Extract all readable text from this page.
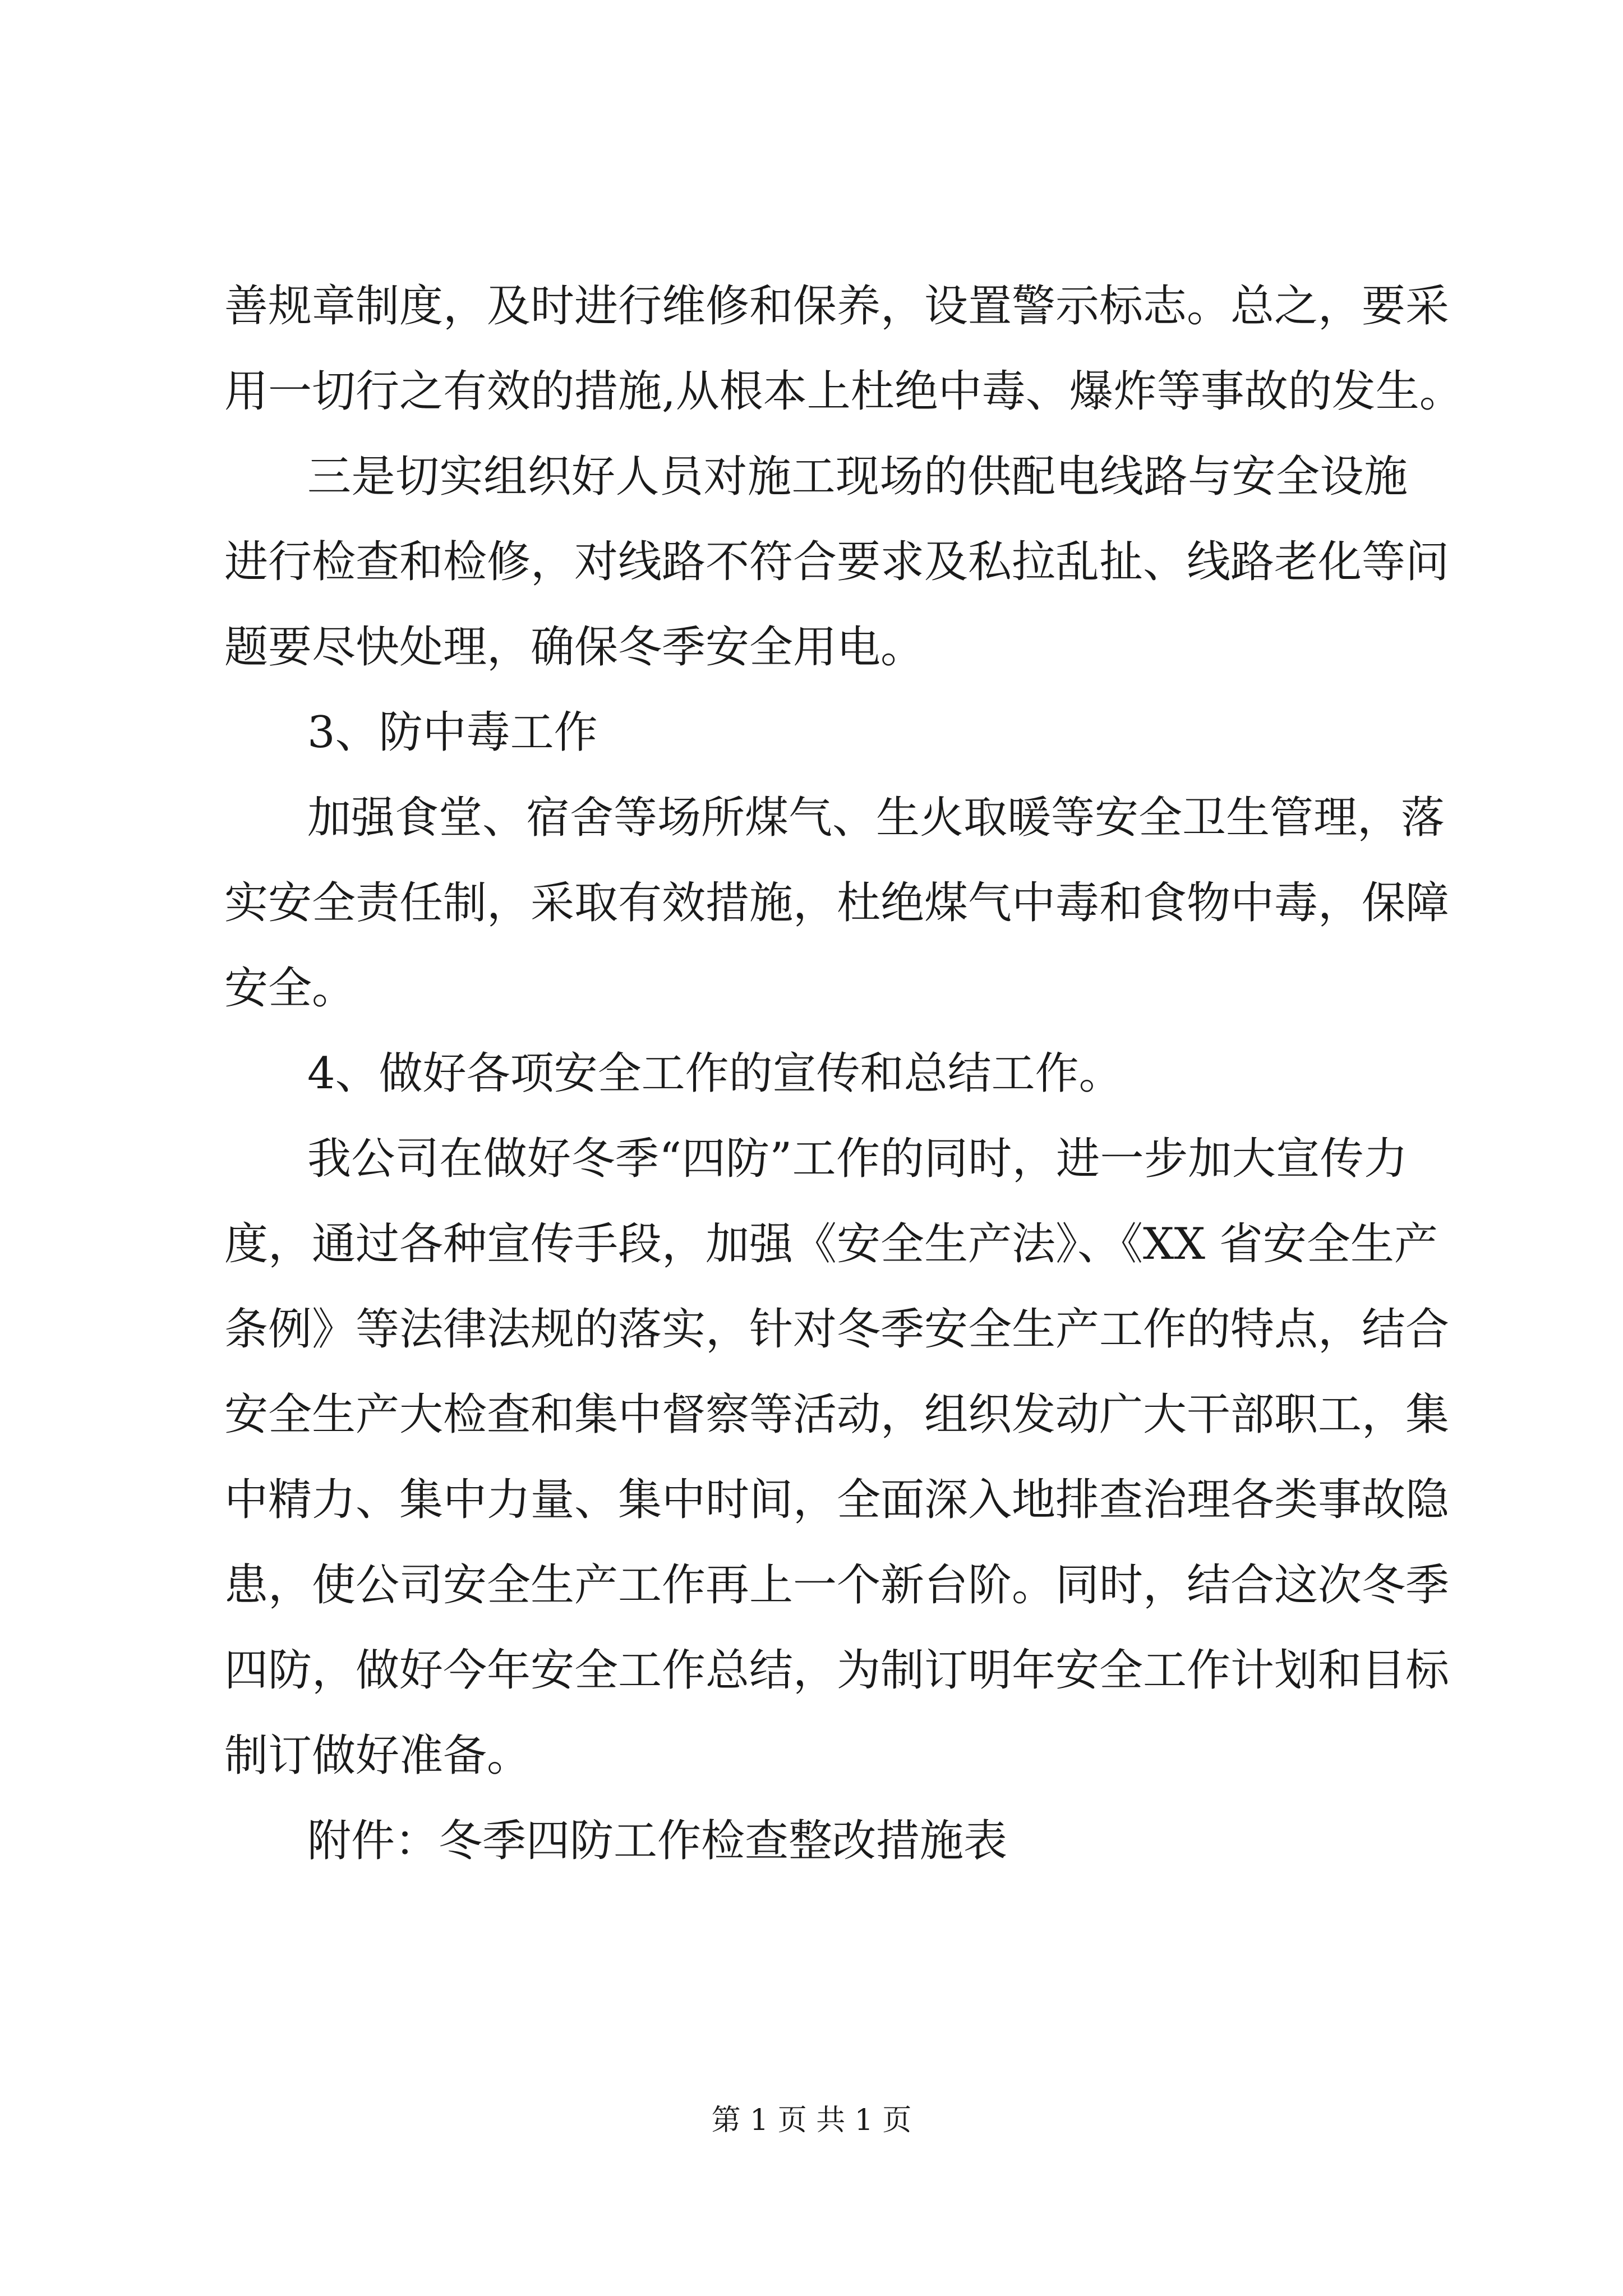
善规章制度，及时进行维修和保养，设置警示标志。总之，要采
用一切行之有效的措施,从根本上杜绝中毒、爆炸等事故的发生。
三是切实组织好人员对施工现场的供配电线路与安全设施
进行检查和检修，对线路不符合要求及私拉乱扯、线路老化等问
题要尽快处理，确保冬季安全用电。
3、防中毒工作
加强食堂、宿舍等场所煤气、生火取暖等安全卫生管理，落
实安全责任制，采取有效措施，杜绝煤气中毒和食物中毒，保障
安全。
4、做好各项安全工作的宣传和总结工作。
我公司在做好冬季“四防”工作的同时，进一步加大宣传力
度，通过各种宣传手段，加强《安全生产法》、《XX 省安全生产
条例》等法律法规的落实，针对冬季安全生产工作的特点，结合
安全生产大检查和集中督察等活动，组织发动广大干部职工，集
中精力、集中力量、集中时间，全面深入地排查治理各类事故隐
患，使公司安全生产工作再上一个新台阶。同时，结合这次冬季
四防，做好今年安全工作总结，为制订明年安全工作计划和目标
制订做好准备。
附件：冬季四防工作检查整改措施表
第 1 页 共 1 页
